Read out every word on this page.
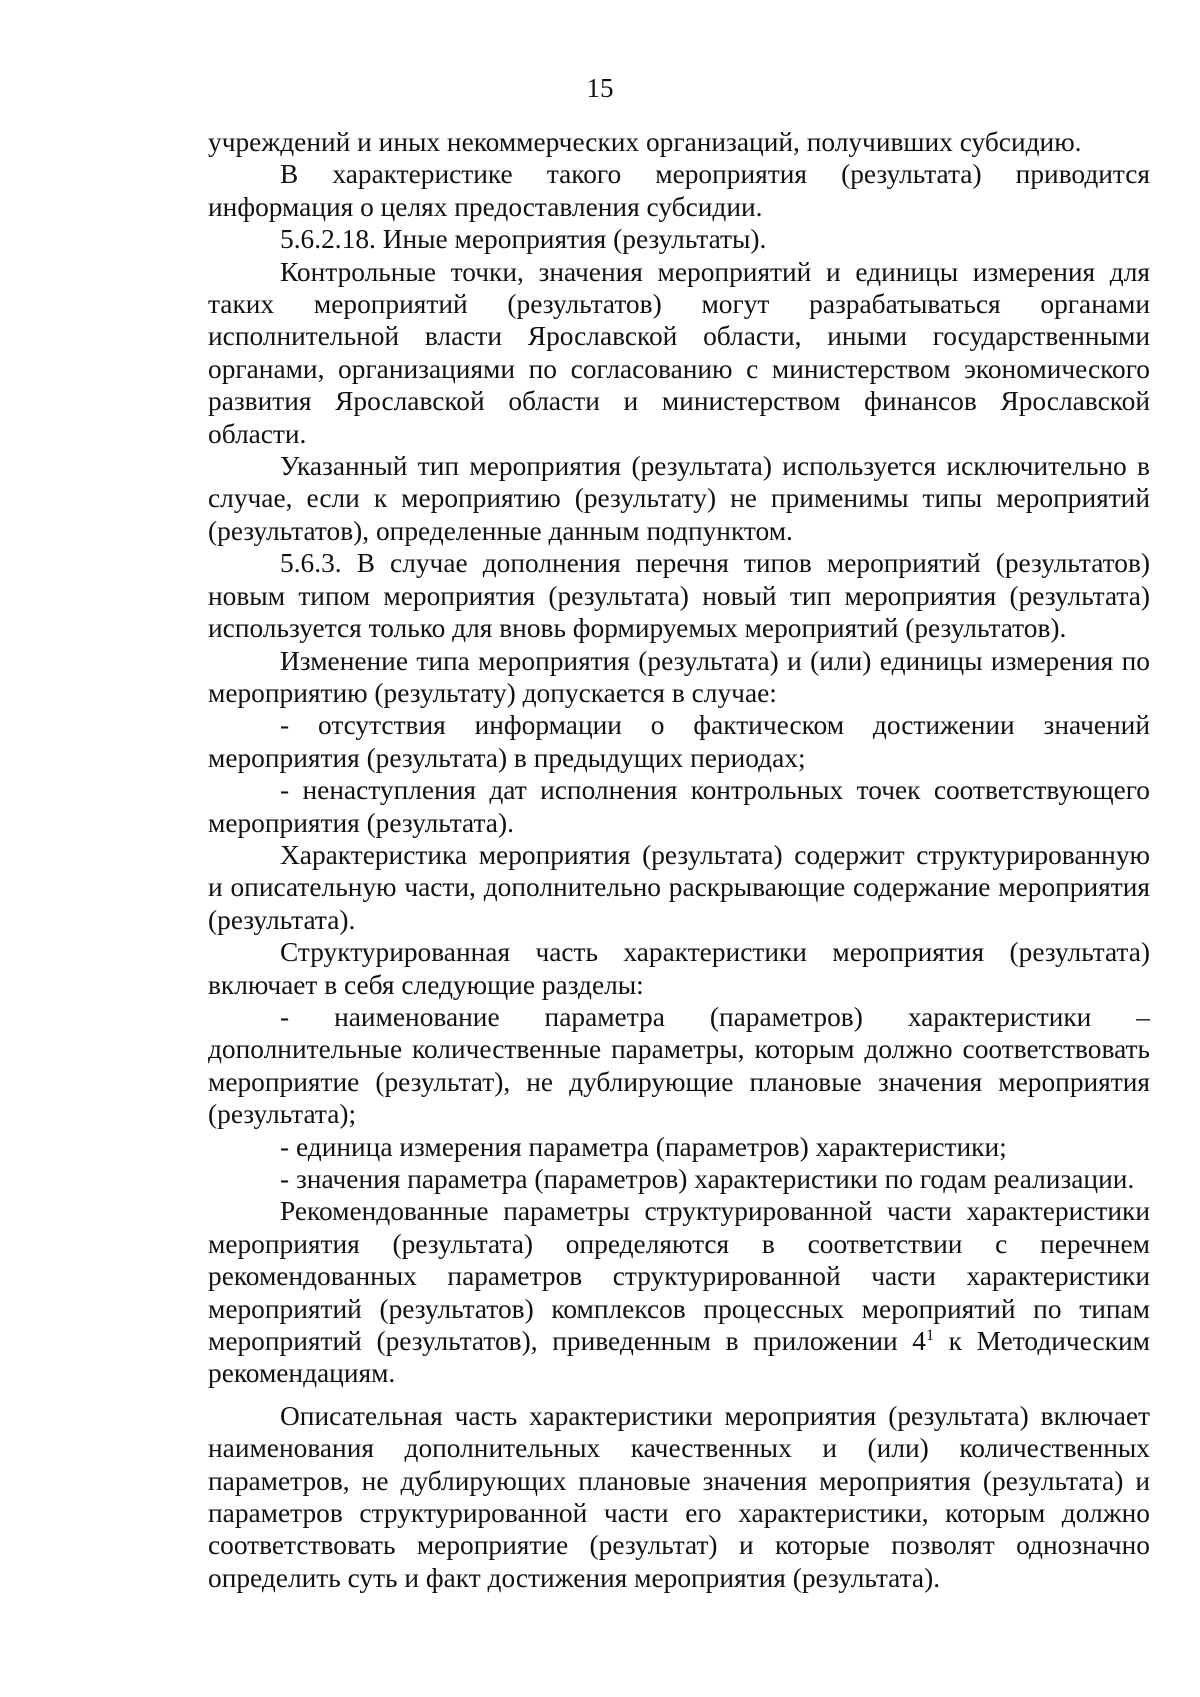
15

учреждений и иных некоммерческих организаций, получивших субсидию.

В характеристике такого мероприятия (результата) приводится информация о целях предоставления субсидии.

5.6.2.18. Иные мероприятия (результаты).

Контрольные точки, значения мероприятий и единицы измерения для таких мероприятий (результатов) могут разрабатываться органами исполнительной власти Ярославской области, иными государственными органами, организациями по согласованию с министерством экономического развития Ярославской области и министерством финансов Ярославской области.

Указанный тип мероприятия (результата) используется исключительно в случае, если к мероприятию (результату) не применимы типы мероприятий (результатов), определенные данным подпунктом.

5.6.3. В случае дополнения перечня типов мероприятий (результатов) новым типом мероприятия (результата) новый тип мероприятия (результата) используется только для вновь формируемых мероприятий (результатов).

Изменение типа мероприятия (результата) и (или) единицы измерения по мероприятию (результату) допускается в случае:

- отсутствия информации о фактическом достижении значений мероприятия (результата) в предыдущих периодах;

- ненаступления дат исполнения контрольных точек соответствующего мероприятия (результата).

Характеристика мероприятия (результата) содержит структурированную и описательную части, дополнительно раскрывающие содержание мероприятия (результата).

Структурированная часть характеристики мероприятия (результата) включает в себя следующие разделы:

- наименование параметра (параметров) характеристики – дополнительные количественные параметры, которым должно соответствовать мероприятие (результат), не дублирующие плановые значения мероприятия (результата);

- единица измерения параметра (параметров) характеристики;

- значения параметра (параметров) характеристики по годам реализации.

Рекомендованные параметры структурированной части характеристики мероприятия (результата) определяются в соответствии с перечнем рекомендованных параметров структурированной части характеристики мероприятий (результатов) комплексов процессных мероприятий по типам мероприятий (результатов), приведенным в приложении $4^1$ к Методическим рекомендациям.

Описательная часть характеристики мероприятия (результата) включает наименования дополнительных качественных и (или) количественных параметров, не дублирующих плановые значения мероприятия (результата) и параметров структурированной части его характеристики, которым должно соответствовать мероприятие (результат) и которые позволят однозначно определить суть и факт достижения мероприятия (результата).
